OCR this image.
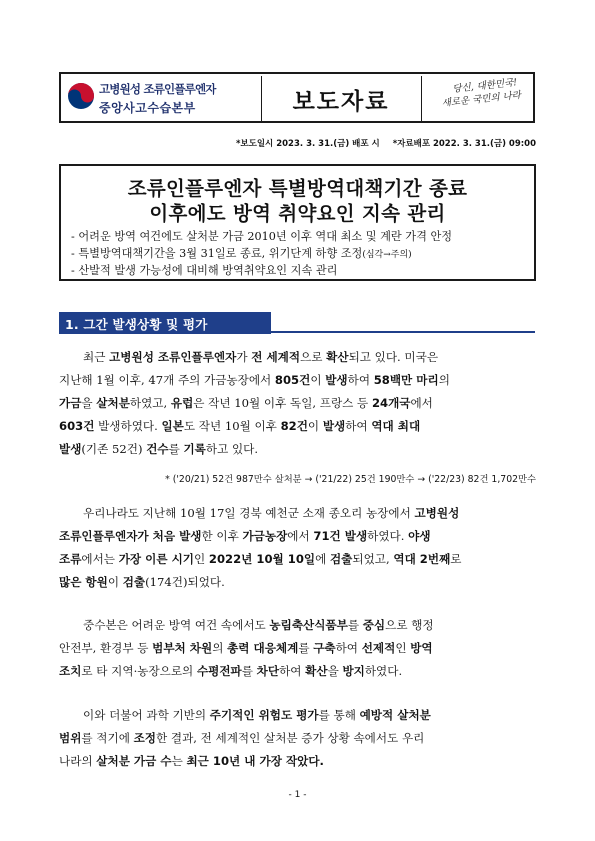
고병원성 조류인플루엔자
중앙사고수습본부	보도자료
당신, 대한민국!
새로운 국민의 나라
*보도일시 2023. 3. 31.(금) 배포 시 *자료배포 2022. 3. 31.(금) 09:00
조류인플루엔자 특별방역대책기간 종료
이후에도 방역 취약요인 지속 관리
- 어려운 방역 여건에도 살처분 가금 2010년 이후 역대 최소 및 계란 가격 안정
- 특별방역대책기간을 3월 31일로 종료, 위기단계 하향 조정(심각→주의)
- 산발적 발생 가능성에 대비해 방역취약요인 지속 관리
1. 그간 발생상황 및 평가
최근 고병원성 조류인플루엔자가 전 세계적으로 확산되고 있다. 미국은
지난해 1월 이후, 47개 주의 가금농장에서 805건이 발생하여 58백만 마리의
가금을 살처분하였고, 유럽은 작년 10월 이후 독일, 프랑스 등 24개국에서
603건 발생하였다. 일본도 작년 10월 이후 82건이 발생하여 역대 최대
발생(기존 52건) 건수를 기록하고 있다.
* ('20/21) 52건 987만수 살처분 → ('21/22) 25건 190만수 → ('22/23) 82건 1,702만수
우리나라도 지난해 10월 17일 경북 예천군 소재 종오리 농장에서 고병원성
조류인플루엔자가 처음 발생한 이후 가금농장에서 71건 발생하였다. 야생
조류에서는 가장 이른 시기인 2022년 10월 10일에 검출되었고, 역대 2번째로
많은 항원이 검출(174건)되었다.
중수본은 어려운 방역 여건 속에서도 농림축산식품부를 중심으로 행정
안전부, 환경부 등 범부처 차원의 총력 대응체계를 구축하여 선제적인 방역
조치로 타 지역·농장으로의 수평전파를 차단하여 확산을 방지하였다.
이와 더불어 과학 기반의 주기적인 위험도 평가를 통해 예방적 살처분
범위를 적기에 조정한 결과, 전 세계적인 살처분 증가 상황 속에서도 우리
나라의 살처분 가금 수는 최근 10년 내 가장 작았다.
- 1 -
